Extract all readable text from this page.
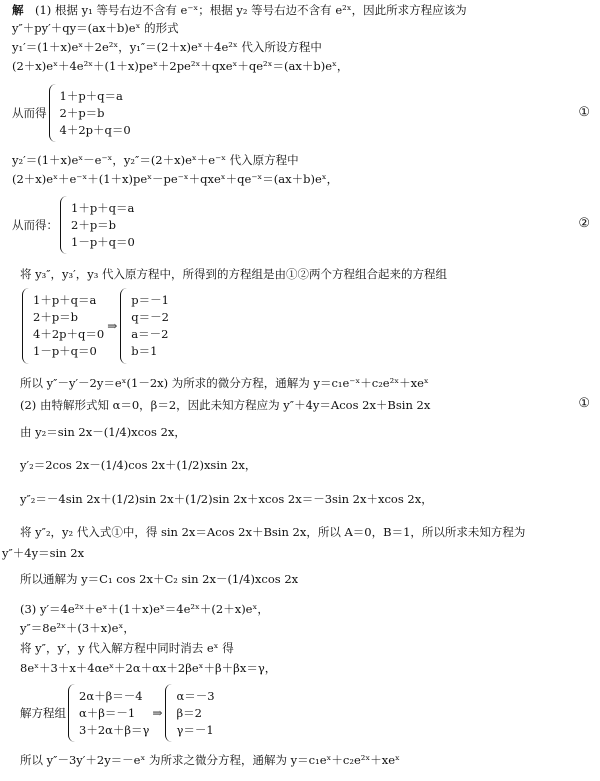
解　 (1) 根据 y₁ 等号右边不含有 e⁻ˣ；根据 y₂ 等号右边不含有 e²ˣ，因此所求方程应该为
y″＋py′＋qy＝(ax＋b)eˣ 的形式
y₁′＝(1＋x)eˣ＋2e²ˣ，y₁″＝(2＋x)eˣ＋4e²ˣ 代入所设方程中
(2＋x)eˣ＋4e²ˣ＋(1＋x)peˣ＋2pe²ˣ＋qxeˣ＋qe²ˣ＝(ax＋b)eˣ，
从而得
1＋p＋q＝a
2＋p＝b
4＋2p＋q＝0
①
y₂′＝(1＋x)eˣ－e⁻ˣ，y₂″＝(2＋x)eˣ＋e⁻ˣ 代入原方程中
(2＋x)eˣ＋e⁻ˣ＋(1＋x)peˣ－pe⁻ˣ＋qxeˣ＋qe⁻ˣ＝(ax＋b)eˣ，
从而得：
1＋p＋q＝a
2＋p＝b
1－p＋q＝0
②
将 y₃″，y₃′，y₃ 代入原方程中，所得到的方程组是由①②两个方程组合起来的方程组
1＋p＋q＝a
2＋p＝b
4＋2p＋q＝0
1－p＋q＝0
⇒
p＝－1
q＝－2
a＝－2
b＝1
所以 y″－y′－2y＝eˣ(1－2x) 为所求的微分方程，通解为 y＝c₁e⁻ˣ＋c₂e²ˣ＋xeˣ
(2) 由特解形式知 α＝0，β＝2，因此未知方程应为 y″＋4y＝Acos 2x＋Bsin 2x	①
由 y₂＝sin 2x－(1/4)xcos 2x，
y′₂＝2cos 2x－(1/4)cos 2x＋(1/2)xsin 2x，
y″₂＝－4sin 2x＋(1/2)sin 2x＋(1/2)sin 2x＋xcos 2x＝－3sin 2x＋xcos 2x，
将 y″₂，y₂ 代入式①中，得 sin 2x＝Acos 2x＋Bsin 2x，所以 A＝0，B＝1，所以所求未知方程为
y″＋4y＝sin 2x
所以通解为 y＝C₁ cos 2x＋C₂ sin 2x－(1/4)xcos 2x
(3) y′＝4e²ˣ＋eˣ＋(1＋x)eˣ＝4e²ˣ＋(2＋x)eˣ，
y″＝8e²ˣ＋(3＋x)eˣ，
将 y″，y′，y 代入解方程中同时消去 eˣ 得
8eˣ＋3＋x＋4αeˣ＋2α＋αx＋2βeˣ＋β＋βx＝γ，
解方程组
2α＋β＝－4
α＋β＝－1
3＋2α＋β＝γ
⇒
α＝－3
β＝2
γ＝－1
所以 y″－3y′＋2y＝－eˣ 为所求之微分方程，通解为 y＝c₁eˣ＋c₂e²ˣ＋xeˣ
